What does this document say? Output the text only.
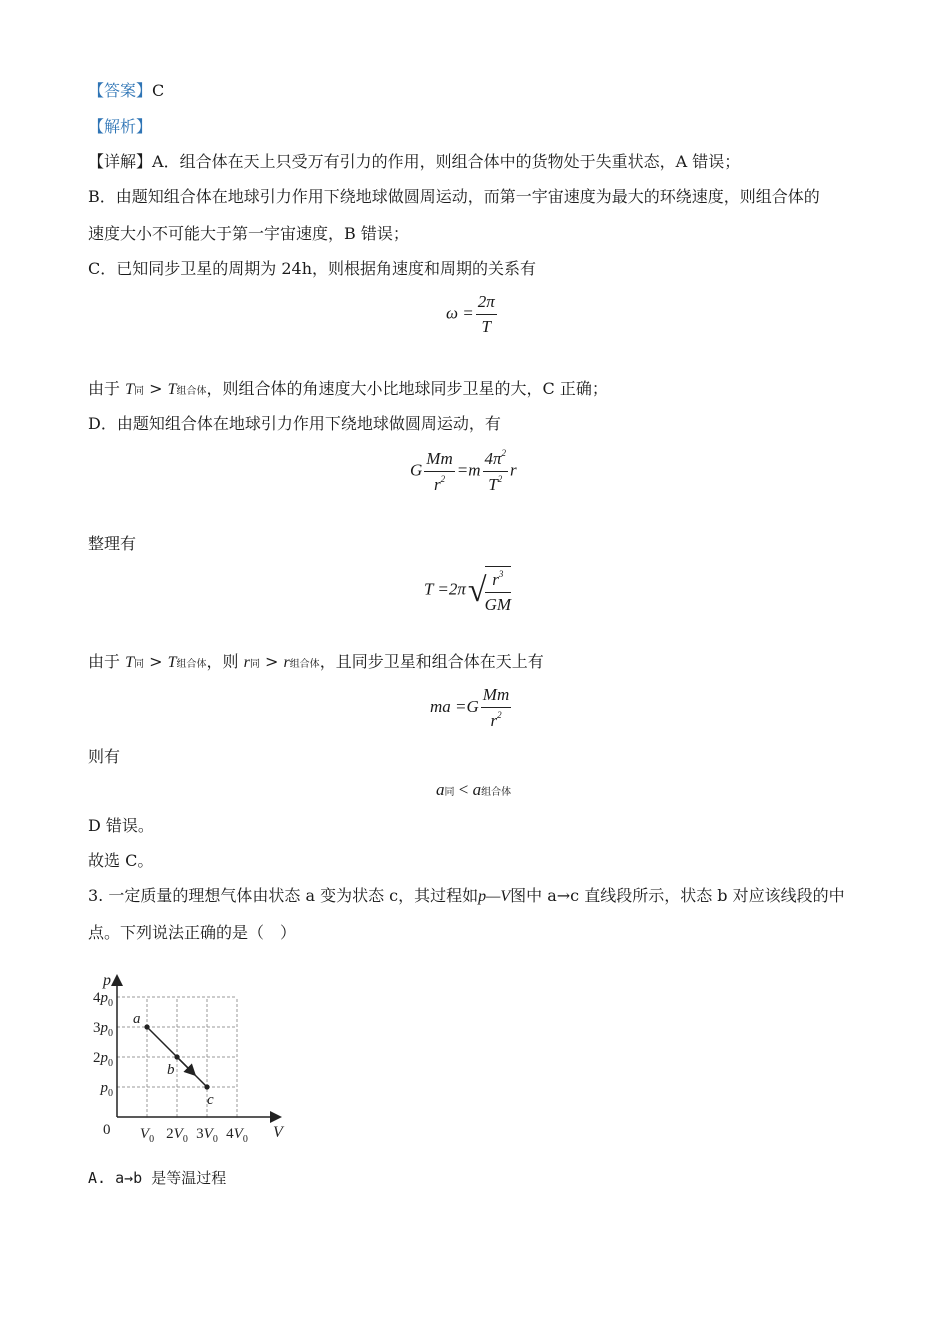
【答案】C
【解析】
【详解】A．组合体在天上只受万有引力的作用，则组合体中的货物处于失重状态，A 错误；
B．由题知组合体在地球引力作用下绕地球做圆周运动，而第一宇宙速度为最大的环绕速度，则组合体的
速度大小不可能大于第一宇宙速度，B 错误；
C．已知同步卫星的周期为 24h，则根据角速度和周期的关系有
$\omega = \frac{2\pi}{T}$
由于 T同 > T组合体，则组合体的角速度大小比地球同步卫星的大，C 正确；
D．由题知组合体在地球引力作用下绕地球做圆周运动，有
G $\frac{Mm}{r^2} =m \frac{4\pi^2}{T^2}$ r
整理有
T =2π√
$\frac{r^3}{GM}$
由于 T同 > T组合体，则 r同 > r组合体，且同步卫星和组合体在天上有
ma $=G \frac{Mm}{r^2}$
则有
a同 < a组合体
D 错误。
故选 C。
3. 一定质量的理想气体由状态 a 变为状态 c，其过程如p—V图中 a→c 直线段所示，状态 b 对应该线段的中
点。下列说法正确的是（　）
V
p
0 $V_0$ $2V_0$ $3V_0$ $4V_0$
$p_0$
$2p_0$
$3p_0$
$4p_0$
a
b
c
A. a→b 是等温过程
